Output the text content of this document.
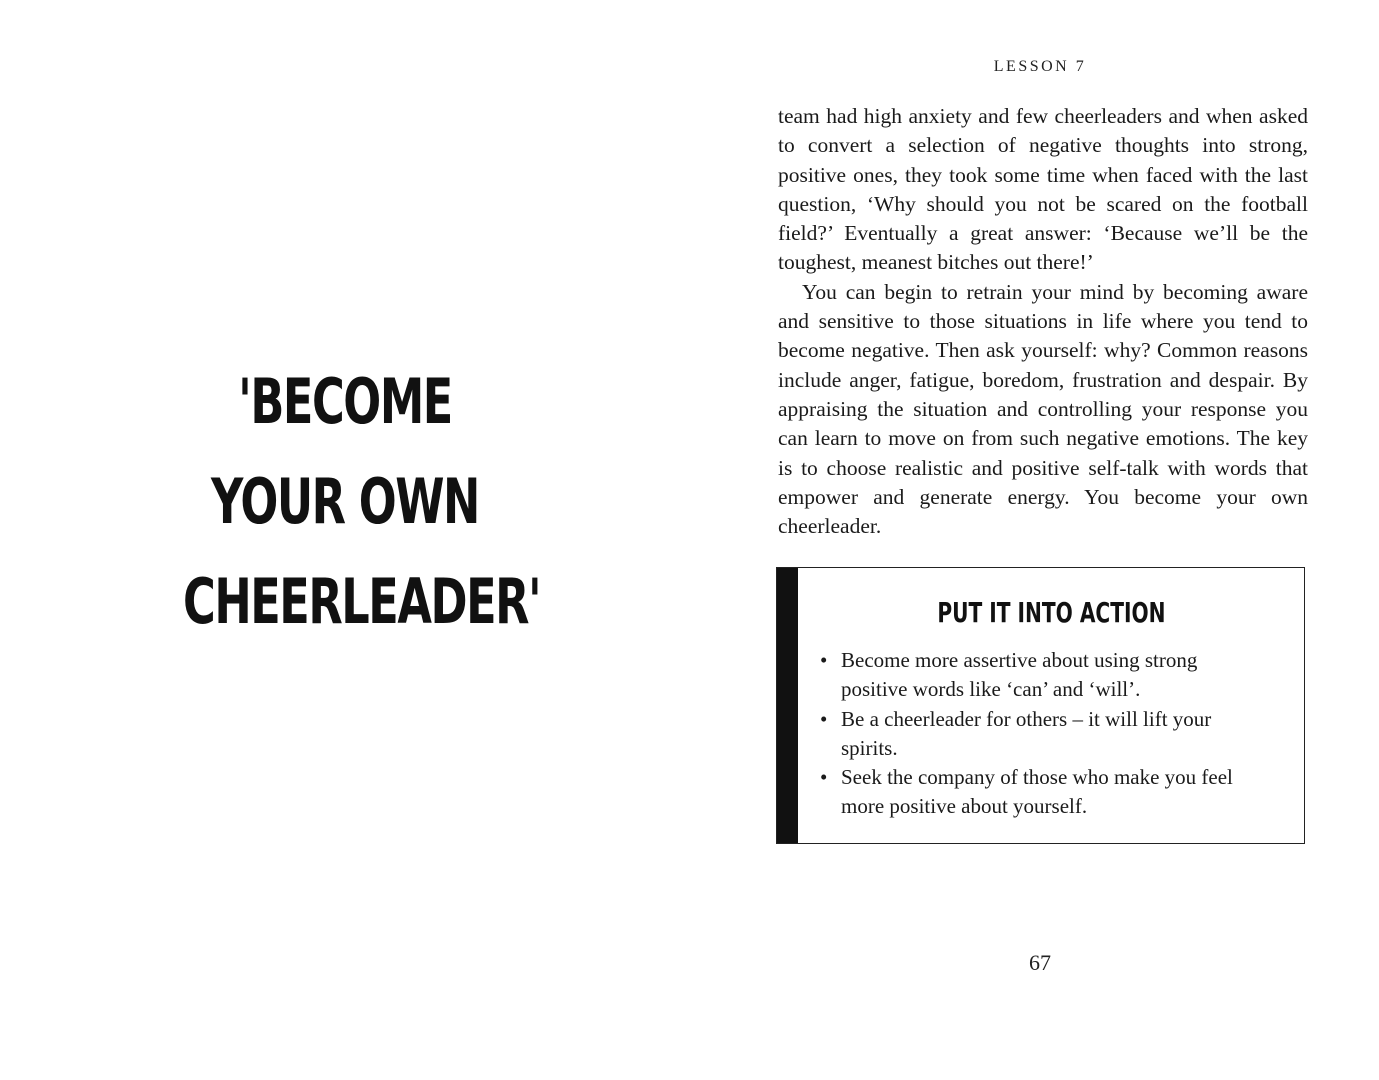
'BECOME
YOUR OWN
CHEERLEADER'
LESSON 7

team had high anxiety and few cheerleaders and when asked to convert a selection of negative thoughts into strong, positive ones, they took some time when faced with the last question, ‘Why should you not be scared on the football field?’ Eventually a great answer: ‘Because we’ll be the toughest, meanest bitches out there!’

You can begin to retrain your mind by becoming aware and sensitive to those situations in life where you tend to become negative. Then ask yourself: why? Common reasons include anger, fatigue, boredom, frustration and despair. By appraising the situation and controlling your response you can learn to move on from such negative emotions. The key is to choose realistic and positive self-talk with words that empower and generate energy. You become your own cheerleader.

PUT IT INTO ACTION
• Become more assertive about using strong positive words like ‘can’ and ‘will’.
• Be a cheerleader for others – it will lift your spirits.
• Seek the company of those who make you feel more positive about yourself.
67
